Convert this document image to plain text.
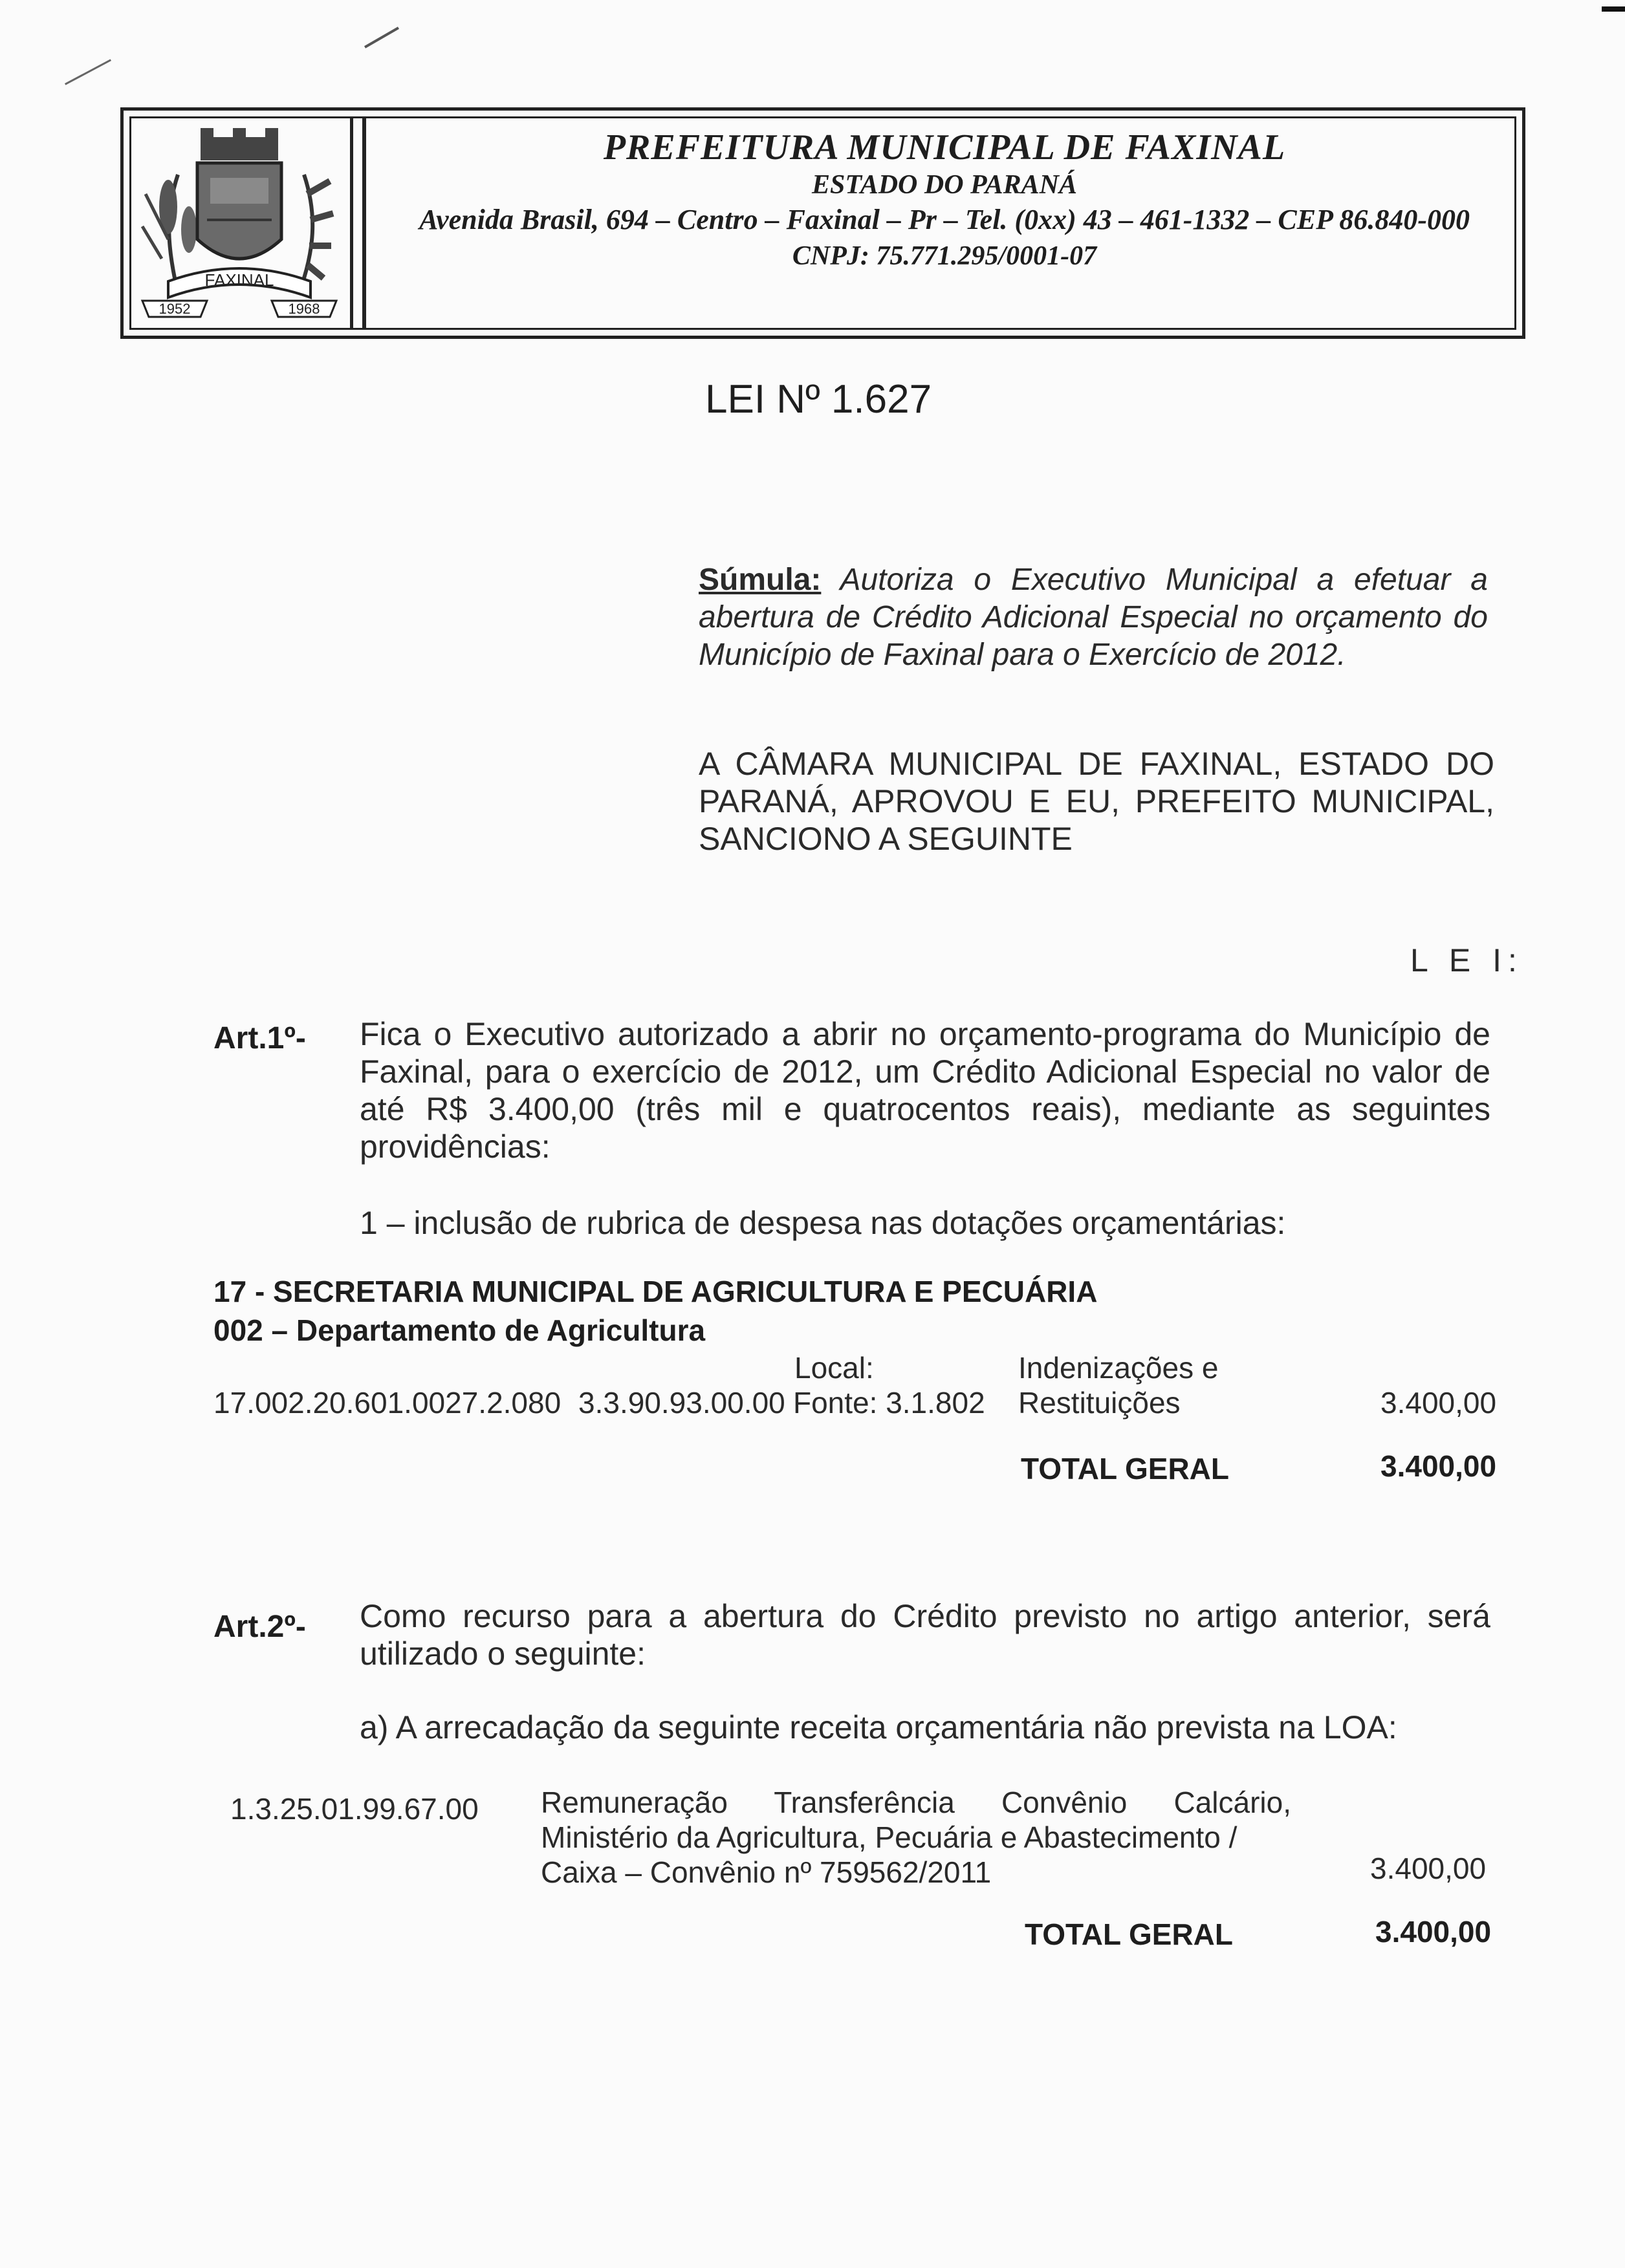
FAXINAL
1952	1968
PREFEITURA MUNICIPAL DE FAXINAL
ESTADO DO PARANÁ
Avenida Brasil, 694 – Centro – Faxinal – Pr – Tel. (0xx) 43 – 461-1332 – CEP 86.840-000
CNPJ: 75.771.295/0001-07
LEI Nº 1.627
Súmula: Autoriza o Executivo Municipal a efetuar a abertura de Crédito Adicional Especial no orçamento do Município de Faxinal para o Exercício de 2012.
A CÂMARA MUNICIPAL DE FAXINAL, ESTADO DO
PARANÁ, APROVOU E EU, PREFEITO MUNICIPAL,
SANCIONO A SEGUINTE
L E I:
Art.1º- Fica o Executivo autorizado a abrir no orçamento-programa do Município de Faxinal, para o exercício de 2012, um Crédito Adicional Especial no valor de até R$ 3.400,00 (três mil e quatrocentos reais), mediante as seguintes providências:
1 – inclusão de rubrica de despesa nas dotações orçamentárias:
17 - SECRETARIA MUNICIPAL DE AGRICULTURA E PECUÁRIA
002 – Departamento de Agricultura
Local:	Indenizações e
17.002.20.601.0027.2.080 3.3.90.93.00.00 Fonte: 3.1.802 Restituições	3.400,00
TOTAL GERAL	3.400,00
Art.2º- Como recurso para a abertura do Crédito previsto no artigo anterior, será utilizado o seguinte:
a) A arrecadação da seguinte receita orçamentária não prevista na LOA:
1.3.25.01.99.67.00 Remuneração Transferência Convênio Calcário,
Ministério da Agricultura, Pecuária e Abastecimento /
Caixa – Convênio nº 759562/2011	3.400,00
TOTAL GERAL	3.400,00
